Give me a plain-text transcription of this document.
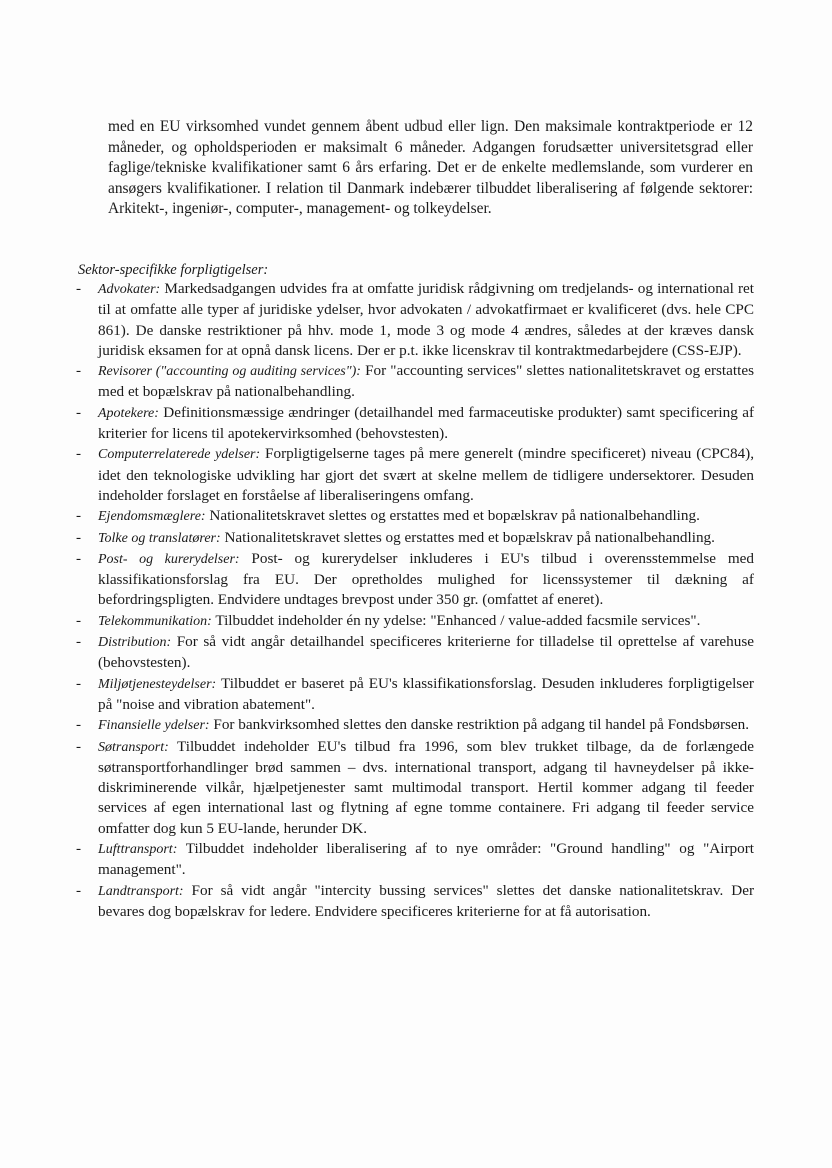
med en EU virksomhed vundet gennem åbent udbud eller lign. Den maksimale kontraktperiode er 12 måneder, og opholdsperioden er maksimalt 6 måneder. Adgangen forudsætter universitetsgrad eller faglige/tekniske kvalifikationer samt 6 års erfaring. Det er de enkelte medlemslande, som vurderer en ansøgers kvalifikationer. I relation til Danmark indebærer tilbuddet liberalisering af følgende sektorer: Arkitekt-, ingeniør-, computer-, management- og tolkeydelser.

Sektor-specifikke forpligtigelser:

- Advokater: Markedsadgangen udvides fra at omfatte juridisk rådgivning om tredjelands- og international ret til at omfatte alle typer af juridiske ydelser, hvor advokaten / advokatfirmaet er kvalificeret (dvs. hele CPC 861). De danske restriktioner på hhv. mode 1, mode 3 og mode 4 ændres, således at der kræves dansk juridisk eksamen for at opnå dansk licens. Der er p.t. ikke licenskrav til kontraktmedarbejdere (CSS-EJP).
- Revisorer ("accounting og auditing services"): For "accounting services" slettes nationalitetskravet og erstattes med et bopælskrav på nationalbehandling.
- Apotekere: Definitionsmæssige ændringer (detailhandel med farmaceutiske produkter) samt specificering af kriterier for licens til apotekervirksomhed (behovstesten).
- Computerrelaterede ydelser: Forpligtigelserne tages på mere generelt (mindre specificeret) niveau (CPC84), idet den teknologiske udvikling har gjort det svært at skelne mellem de tidligere undersektorer. Desuden indeholder forslaget en forståelse af liberaliseringens omfang.
- Ejendomsmæglere: Nationalitetskravet slettes og erstattes med et bopælskrav på nationalbehandling.
- Tolke og translatører: Nationalitetskravet slettes og erstattes med et bopælskrav på nationalbehandling.
- Post- og kurerydelser: Post- og kurerydelser inkluderes i EU's tilbud i overensstemmelse med klassifikationsforslag fra EU. Der opretholdes mulighed for licenssystemer til dækning af befordringspligten. Endvidere undtages brevpost under 350 gr. (omfattet af eneret).
- Telekommunikation: Tilbuddet indeholder én ny ydelse: "Enhanced / value-added facsmile services".
- Distribution: For så vidt angår detailhandel specificeres kriterierne for tilladelse til oprettelse af varehuse (behovstesten).
- Miljøtjenesteydelser: Tilbuddet er baseret på EU's klassifikationsforslag. Desuden inkluderes forpligtigelser på "noise and vibration abatement".
- Finansielle ydelser: For bankvirksomhed slettes den danske restriktion på adgang til handel på Fondsbørsen.
- Søtransport: Tilbuddet indeholder EU's tilbud fra 1996, som blev trukket tilbage, da de forlængede søtransportforhandlinger brød sammen – dvs. international transport, adgang til havneydelser på ikke-diskriminerende vilkår, hjælpetjenester samt multimodal transport. Hertil kommer adgang til feeder services af egen international last og flytning af egne tomme containere. Fri adgang til feeder service omfatter dog kun 5 EU-lande, herunder DK.
- Lufttransport: Tilbuddet indeholder liberalisering af to nye områder: "Ground handling" og "Airport management".
- Landtransport: For så vidt angår "intercity bussing services" slettes det danske nationalitetskrav. Der bevares dog bopælskrav for ledere. Endvidere specificeres kriterierne for at få autorisation.
